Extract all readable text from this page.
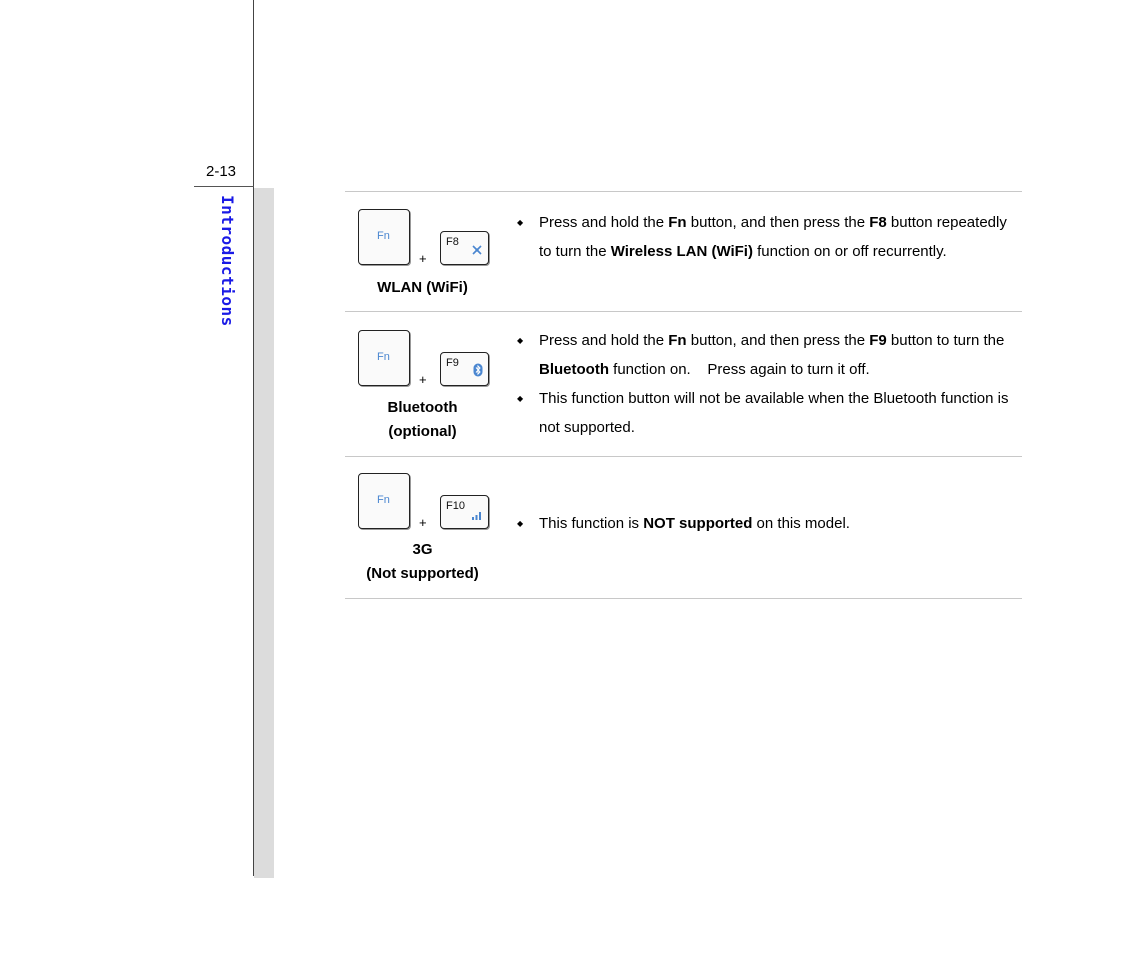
2-13
Introductions	Fn
+
F8
WLAN (WiFi)
◆ Press and hold the Fn button, and then press the F8 button repeatedly to turn the Wireless LAN (WiFi) function on or off recurrently.
Fn
+
F9
Bluetooth
(optional)
◆ Press and hold the Fn button, and then press the F9 button to turn the Bluetooth function on.    Press again to turn it off.
◆ This function button will not be available when the Bluetooth function is not supported.
Fn
+
F10
3G
(Not supported)
◆ This function is NOT supported on this model.
